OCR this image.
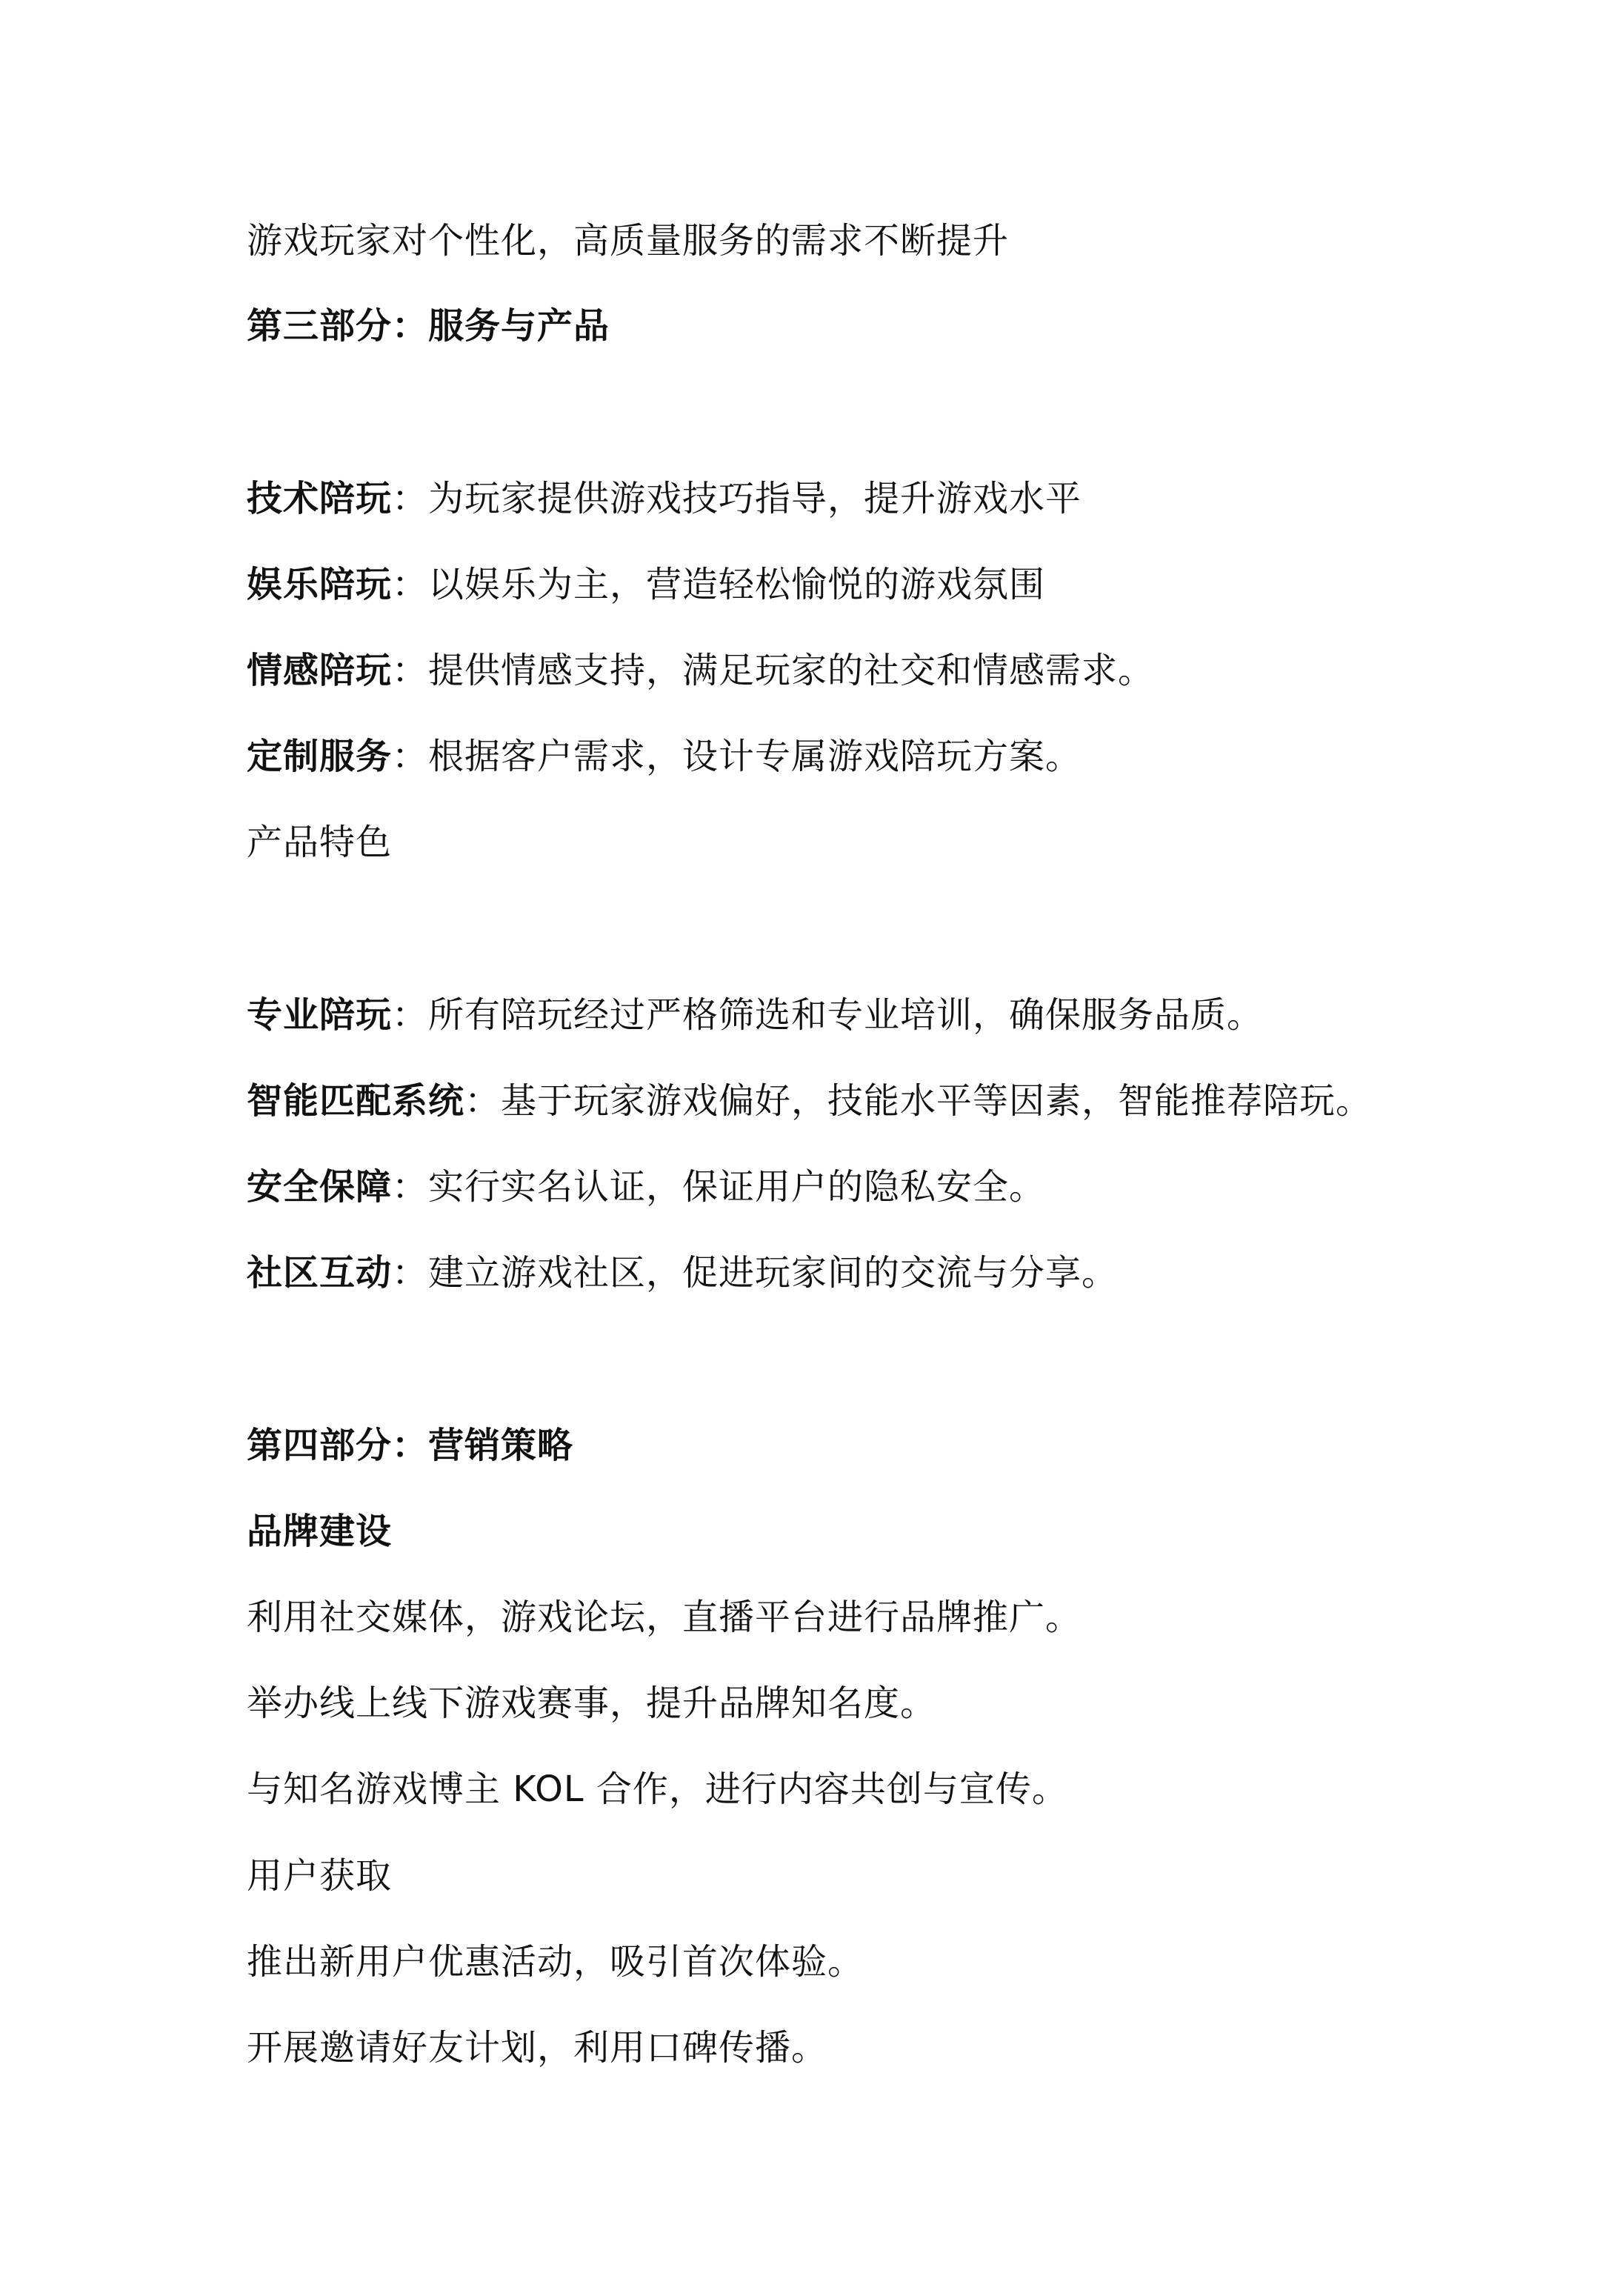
游戏玩家对个性化，高质量服务的需求不断提升
第三部分：服务与产品
技术陪玩：为玩家提供游戏技巧指导，提升游戏水平
娱乐陪玩：以娱乐为主，营造轻松愉悦的游戏氛围
情感陪玩：提供情感支持，满足玩家的社交和情感需求。
定制服务：根据客户需求，设计专属游戏陪玩方案。
产品特色
专业陪玩：所有陪玩经过严格筛选和专业培训，确保服务品质。
智能匹配系统：基于玩家游戏偏好，技能水平等因素，智能推荐陪玩。
安全保障：实行实名认证，保证用户的隐私安全。
社区互动：建立游戏社区，促进玩家间的交流与分享。
第四部分：营销策略
品牌建设
利用社交媒体，游戏论坛，直播平台进行品牌推广。
举办线上线下游戏赛事，提升品牌知名度。
与知名游戏博主 KOL 合作，进行内容共创与宣传。
用户获取
推出新用户优惠活动，吸引首次体验。
开展邀请好友计划，利用口碑传播。
